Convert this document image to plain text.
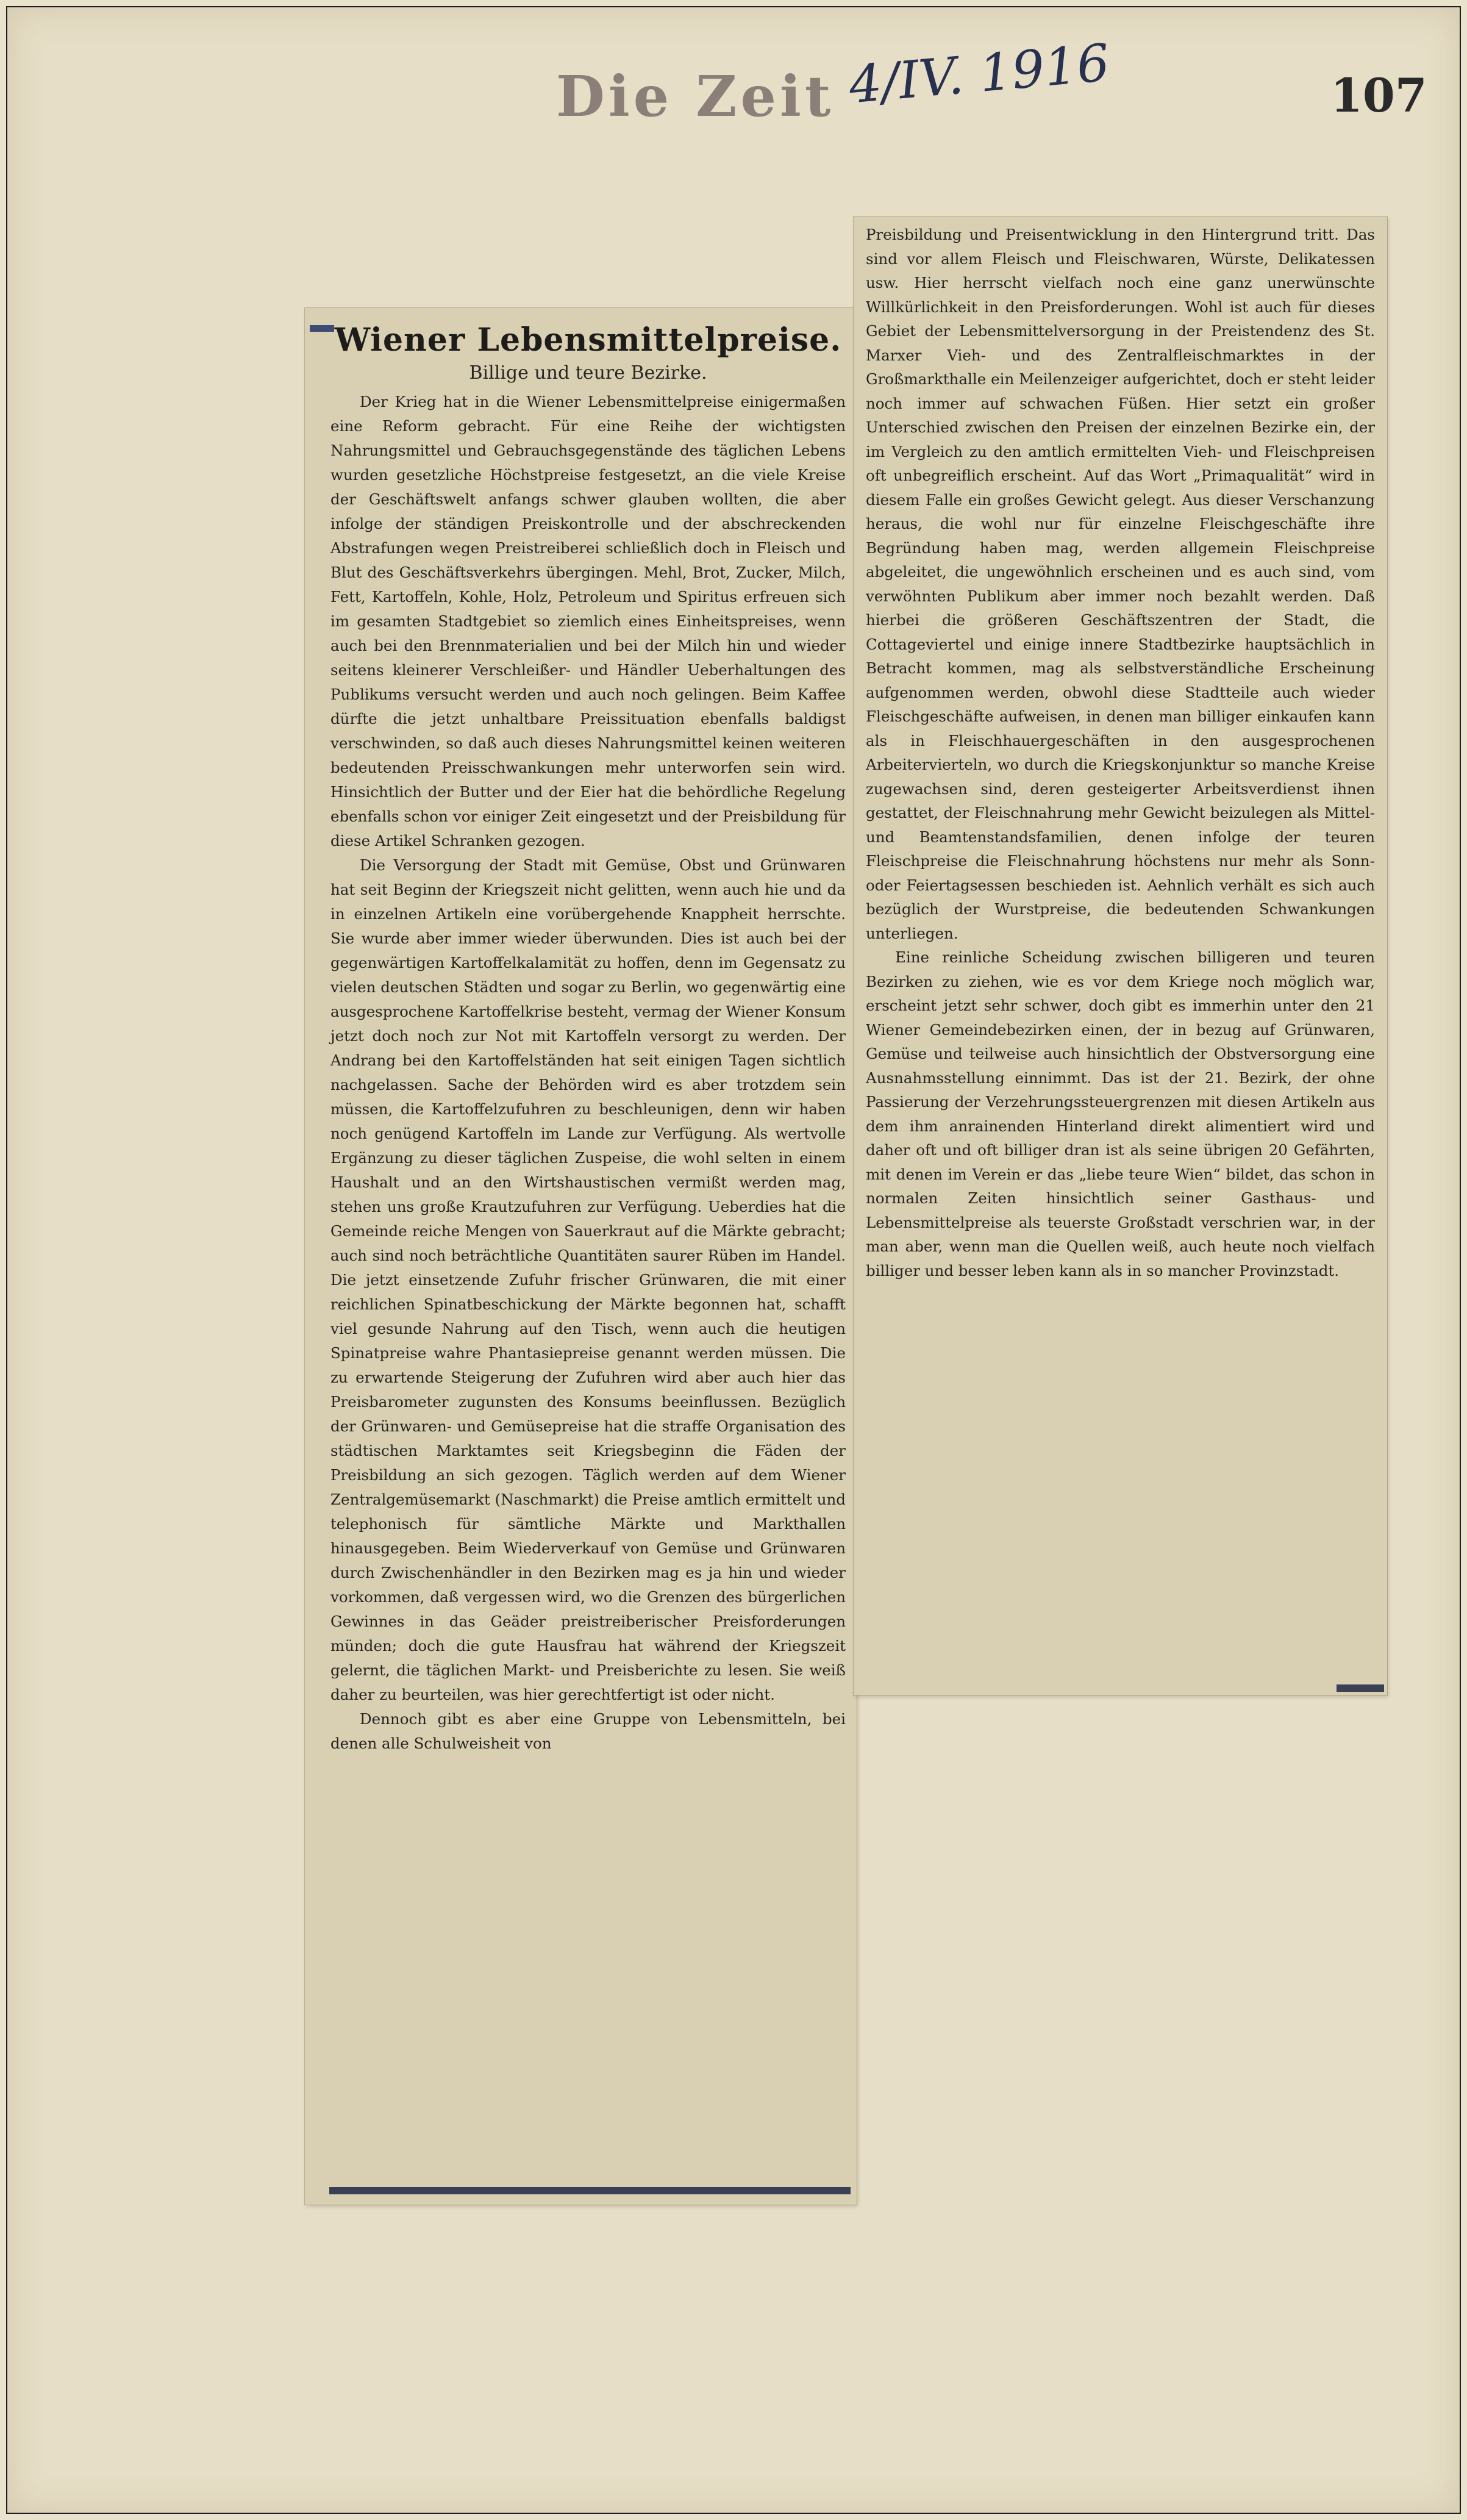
Die Zeit 4/IV. 1916	107
Wiener Lebensmittelpreise.
Billige und teure Bezirke.

Der Krieg hat in die Wiener Lebensmittelpreise einigermaßen eine Reform gebracht. Für eine Reihe der wichtigsten Nahrungsmittel und Gebrauchsgegenstände des täglichen Lebens wurden gesetzliche Höchstpreise festgesetzt, an die viele Kreise der Geschäftswelt anfangs schwer glauben wollten, die aber infolge der ständigen Preiskontrolle und der abschreckenden Abstrafungen wegen Preistreiberei schließlich doch in Fleisch und Blut des Geschäftsverkehrs übergingen. Mehl, Brot, Zucker, Milch, Fett, Kartoffeln, Kohle, Holz, Petroleum und Spiritus erfreuen sich im gesamten Stadtgebiet so ziemlich eines Einheitspreises, wenn auch bei den Brennmaterialien und bei der Milch hin und wieder seitens kleinerer Verschleißer- und Händler Ueberhaltungen des Publikums versucht werden und auch noch gelingen. Beim Kaffee dürfte die jetzt unhaltbare Preissituation ebenfalls baldigst verschwinden, so daß auch dieses Nahrungsmittel keinen weiteren bedeutenden Preisschwankungen mehr unterworfen sein wird. Hinsichtlich der Butter und der Eier hat die behördliche Regelung ebenfalls schon vor einiger Zeit eingesetzt und der Preisbildung für diese Artikel Schranken gezogen.

Die Versorgung der Stadt mit Gemüse, Obst und Grünwaren hat seit Beginn der Kriegszeit nicht gelitten, wenn auch hie und da in einzelnen Artikeln eine vorübergehende Knappheit herrschte. Sie wurde aber immer wieder überwunden. Dies ist auch bei der gegenwärtigen Kartoffelkalamität zu hoffen, denn im Gegensatz zu vielen deutschen Städten und sogar zu Berlin, wo gegenwärtig eine ausgesprochene Kartoffelkrise besteht, vermag der Wiener Konsum jetzt doch noch zur Not mit Kartoffeln versorgt zu werden. Der Andrang bei den Kartoffelständen hat seit einigen Tagen sichtlich nachgelassen. Sache der Behörden wird es aber trotzdem sein müssen, die Kartoffelzufuhren zu beschleunigen, denn wir haben noch genügend Kartoffeln im Lande zur Verfügung. Als wertvolle Ergänzung zu dieser täglichen Zuspeise, die wohl selten in einem Haushalt und an den Wirtshaustischen vermißt werden mag, stehen uns große Krautzufuhren zur Verfügung. Ueberdies hat die Gemeinde reiche Mengen von Sauerkraut auf die Märkte gebracht; auch sind noch beträchtliche Quantitäten saurer Rüben im Handel. Die jetzt einsetzende Zufuhr frischer Grünwaren, die mit einer reichlichen Spinatbeschickung der Märkte begonnen hat, schafft viel gesunde Nahrung auf den Tisch, wenn auch die heutigen Spinatpreise wahre Phantasiepreise genannt werden müssen. Die zu erwartende Steigerung der Zufuhren wird aber auch hier das Preisbarometer zugunsten des Konsums beeinflussen. Bezüglich der Grünwaren- und Gemüsepreise hat die straffe Organisation des städtischen Marktamtes seit Kriegsbeginn die Fäden der Preisbildung an sich gezogen. Täglich werden auf dem Wiener Zentralgemüsemarkt (Naschmarkt) die Preise amtlich ermittelt und telephonisch für sämtliche Märkte und Markthallen hinausgegeben. Beim Wiederverkauf von Gemüse und Grünwaren durch Zwischenhändler in den Bezirken mag es ja hin und wieder vorkommen, daß vergessen wird, wo die Grenzen des bürgerlichen Gewinnes in das Geäder preistreiberischer Preisforderungen münden; doch die gute Hausfrau hat während der Kriegszeit gelernt, die täglichen Markt- und Preisberichte zu lesen. Sie weiß daher zu beurteilen, was hier gerechtfertigt ist oder nicht.

Dennoch gibt es aber eine Gruppe von Lebensmitteln, bei denen alle Schulweisheit von

Preisbildung und Preisentwicklung in den Hintergrund tritt. Das sind vor allem Fleisch und Fleischwaren, Würste, Delikatessen usw. Hier herrscht vielfach noch eine ganz unerwünschte Willkürlichkeit in den Preisforderungen. Wohl ist auch für dieses Gebiet der Lebensmittelversorgung in der Preistendenz des St. Marxer Vieh- und des Zentralfleischmarktes in der Großmarkthalle ein Meilenzeiger aufgerichtet, doch er steht leider noch immer auf schwachen Füßen. Hier setzt ein großer Unterschied zwischen den Preisen der einzelnen Bezirke ein, der im Vergleich zu den amtlich ermittelten Vieh- und Fleischpreisen oft unbegreiflich erscheint. Auf das Wort „Primaqualität“ wird in diesem Falle ein großes Gewicht gelegt. Aus dieser Verschanzung heraus, die wohl nur für einzelne Fleischgeschäfte ihre Begründung haben mag, werden allgemein Fleischpreise abgeleitet, die ungewöhnlich erscheinen und es auch sind, vom verwöhnten Publikum aber immer noch bezahlt werden. Daß hierbei die größeren Geschäftszentren der Stadt, die Cottageviertel und einige innere Stadtbezirke hauptsächlich in Betracht kommen, mag als selbstverständliche Erscheinung aufgenommen werden, obwohl diese Stadtteile auch wieder Fleischgeschäfte aufweisen, in denen man billiger einkaufen kann als in Fleischhauergeschäften in den ausgesprochenen Arbeitervierteln, wo durch die Kriegskonjunktur so manche Kreise zugewachsen sind, deren gesteigerter Arbeitsverdienst ihnen gestattet, der Fleischnahrung mehr Gewicht beizulegen als Mittel- und Beamtenstandsfamilien, denen infolge der teuren Fleischpreise die Fleischnahrung höchstens nur mehr als Sonn- oder Feiertagsessen beschieden ist. Aehnlich verhält es sich auch bezüglich der Wurstpreise, die bedeutenden Schwankungen unterliegen.

Eine reinliche Scheidung zwischen billigeren und teuren Bezirken zu ziehen, wie es vor dem Kriege noch möglich war, erscheint jetzt sehr schwer, doch gibt es immerhin unter den 21 Wiener Gemeindebezirken einen, der in bezug auf Grünwaren, Gemüse und teilweise auch hinsichtlich der Obstversorgung eine Ausnahmsstellung einnimmt. Das ist der 21. Bezirk, der ohne Passierung der Verzehrungssteuergrenzen mit diesen Artikeln aus dem ihm anrainenden Hinterland direkt alimentiert wird und daher oft und oft billiger dran ist als seine übrigen 20 Gefährten, mit denen im Verein er das „liebe teure Wien“ bildet, das schon in normalen Zeiten hinsichtlich seiner Gasthaus- und Lebensmittelpreise als teuerste Großstadt verschrien war, in der man aber, wenn man die Quellen weiß, auch heute noch vielfach billiger und besser leben kann als in so mancher Provinzstadt.
